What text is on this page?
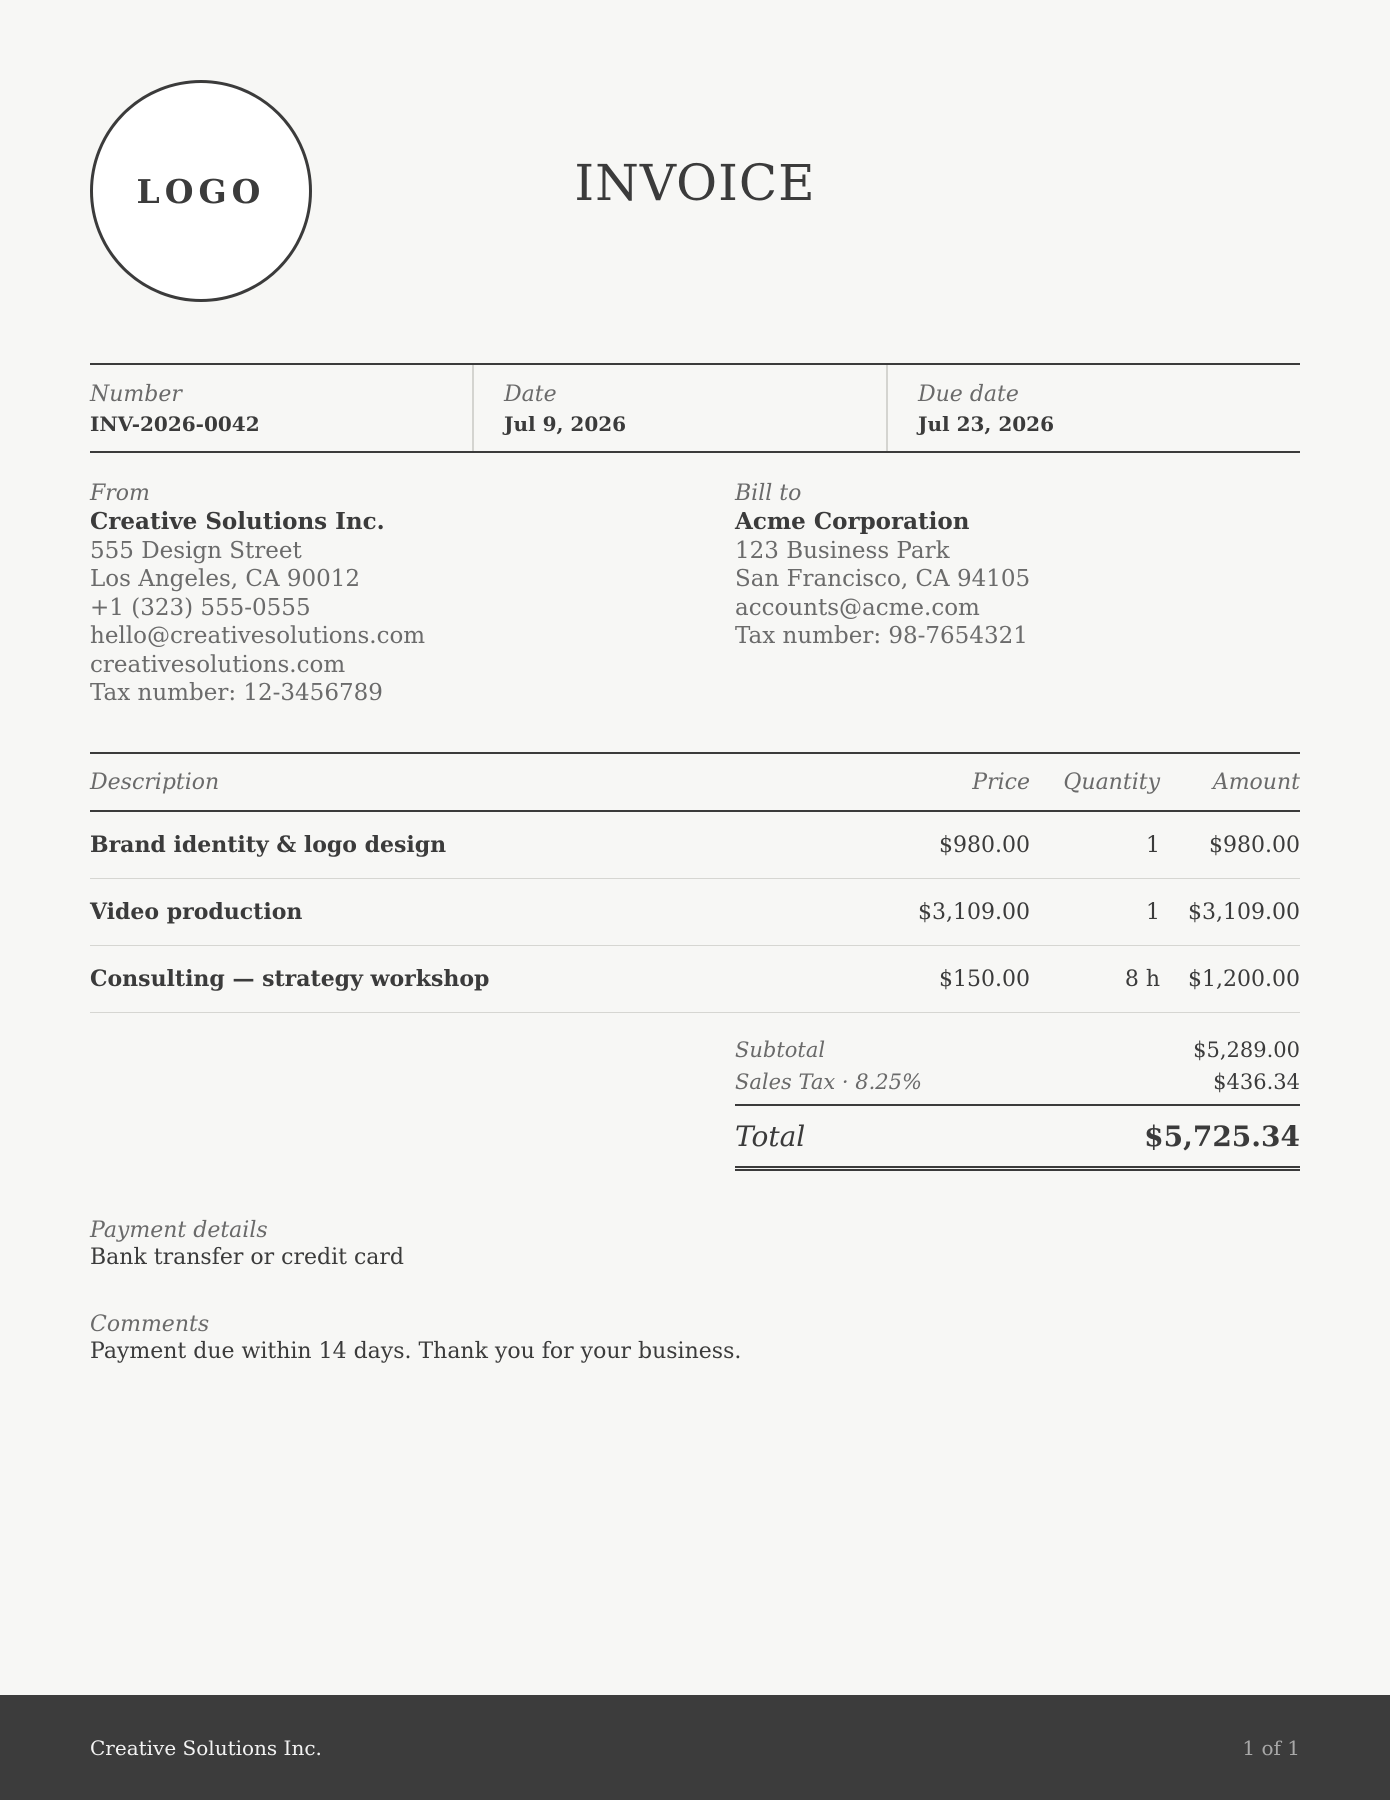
LOGO	INVOICE
Number
INV-2026-0042
Date
Jul 9, 2026
Due date
Jul 23, 2026
From
Creative Solutions Inc.
555 Design Street
Los Angeles, CA 90012
+1 (323) 555-0555
hello@creativesolutions.com
creativesolutions.com
Tax number: 12-3456789
Bill to
Acme Corporation
123 Business Park
San Francisco, CA 94105
accounts@acme.com
Tax number: 98-7654321
Description	Price	Quantity	Amount
Brand identity & logo design	$980.00	1	$980.00
Video production	$3,109.00	1	$3,109.00
Consulting — strategy workshop	$150.00	8 h	$1,200.00
Subtotal	$5,289.00
Sales Tax · 8.25%	$436.34
Total	$5,725.34
Payment details
Bank transfer or credit card
Comments
Payment due within 14 days. Thank you for your business.
Creative Solutions Inc.	1 of 1
